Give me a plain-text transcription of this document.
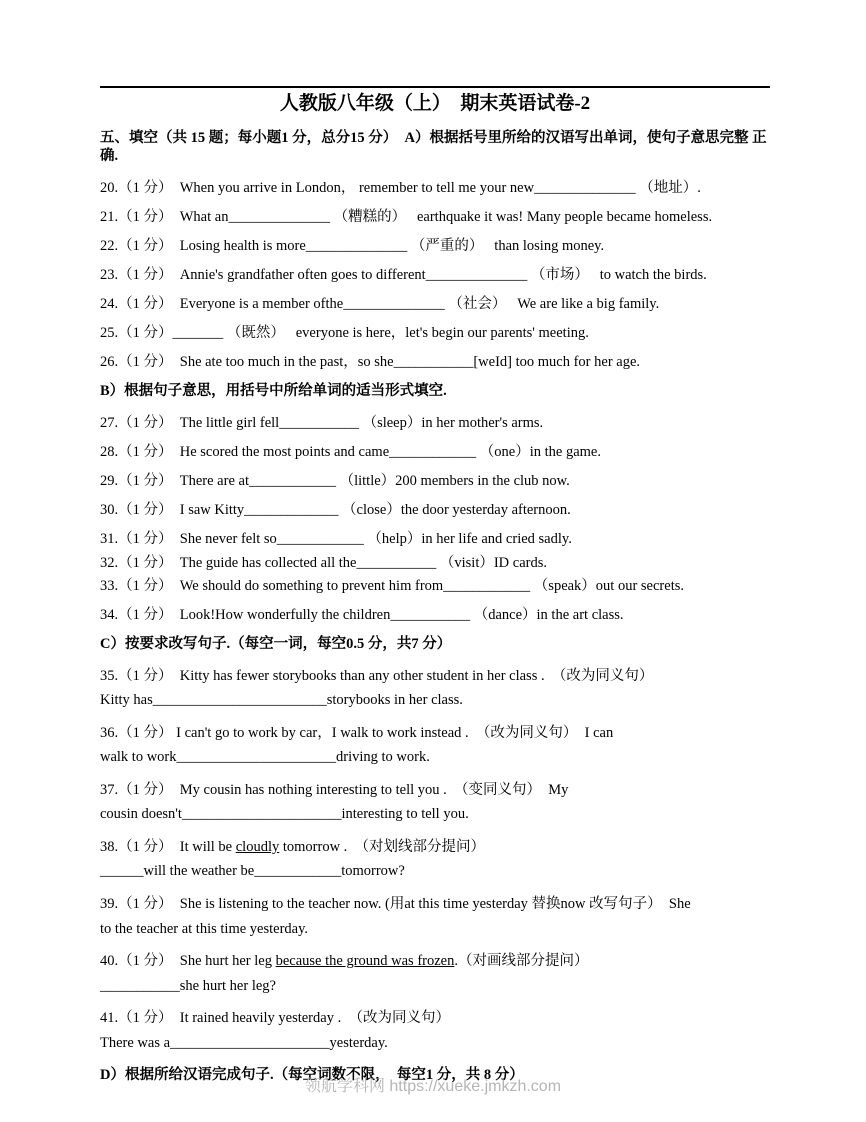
人教版八年级（上）　期末英语试卷-2

五、填空（共 15 题；每小题1 分，总分15 分）  A）根据括号里所给的汉语写出单词，使句子意思完整 正确.

20.（1 分）  When you arrive in London， remember to tell me your new______________ （地址）.

21.（1 分）  What an______________ （糟糕的）   earthquake it was! Many people became homeless.

22.（1 分）  Losing health is more______________ （严重的）   than losing money.

23.（1 分）  Annie's grandfather often goes to different______________ （市场）   to watch the birds.

24.（1 分）  Everyone is a member ofthe______________ （社会）   We are like a big family.

25.（1 分）_______ （既然）   everyone is here，let's begin our parents' meeting.

26.（1 分）  She ate too much in the past，so she___________[weId] too much for her age.

B）根据句子意思，用括号中所给单词的适当形式填空.

27.（1 分）  The little girl fell___________ （sleep）in her mother's arms.

28.（1 分）  He scored the most points and came____________ （one）in the game.

29.（1 分）  There are at____________ （little）200 members in the club now.

30.（1 分）  I saw Kitty_____________ （close）the door yesterday afternoon.

31.（1 分）  She never felt so____________ （help）in her life and cried sadly.

32.（1 分）  The guide has collected all the___________ （visit）ID cards.

33.（1 分）  We should do something to prevent him from____________ （speak）out our secrets.

34.（1 分）  Look!How wonderfully the children___________ （dance）in the art class.

C）按要求改写句子.（每空一词，每空0.5 分，共7 分）

35.（1 分）  Kitty has fewer storybooks than any other student in her class .　（改为同义句）

Kitty has________________________storybooks in her class.

36.（1 分） I can't go to work by car，I walk to work instead .　（改为同义句）　I can

walk to work______________________driving to work.

37.（1 分）  My cousin has nothing interesting to tell you .　（变同义句）　My

cousin doesn't______________________interesting to tell you.

38.（1 分）  It will be cloudly tomorrow .　（对划线部分提问）

______will the weather be____________tomorrow?

39.（1 分）  She is listening to the teacher now. (用at this time yesterday 替换now 改写句子）　She

to the teacher at this time yesterday.

40.（1 分）  She hurt her leg because the ground was frozen.（对画线部分提问）

___________she hurt her leg?

41.（1 分）  It rained heavily yesterday .　（改为同义句）

There was a______________________yesterday.

D）根据所给汉语完成句子.（每空词数不限，　每空1 分，共 8 分）

领航学科网 https://xueke.jmkzh.com
